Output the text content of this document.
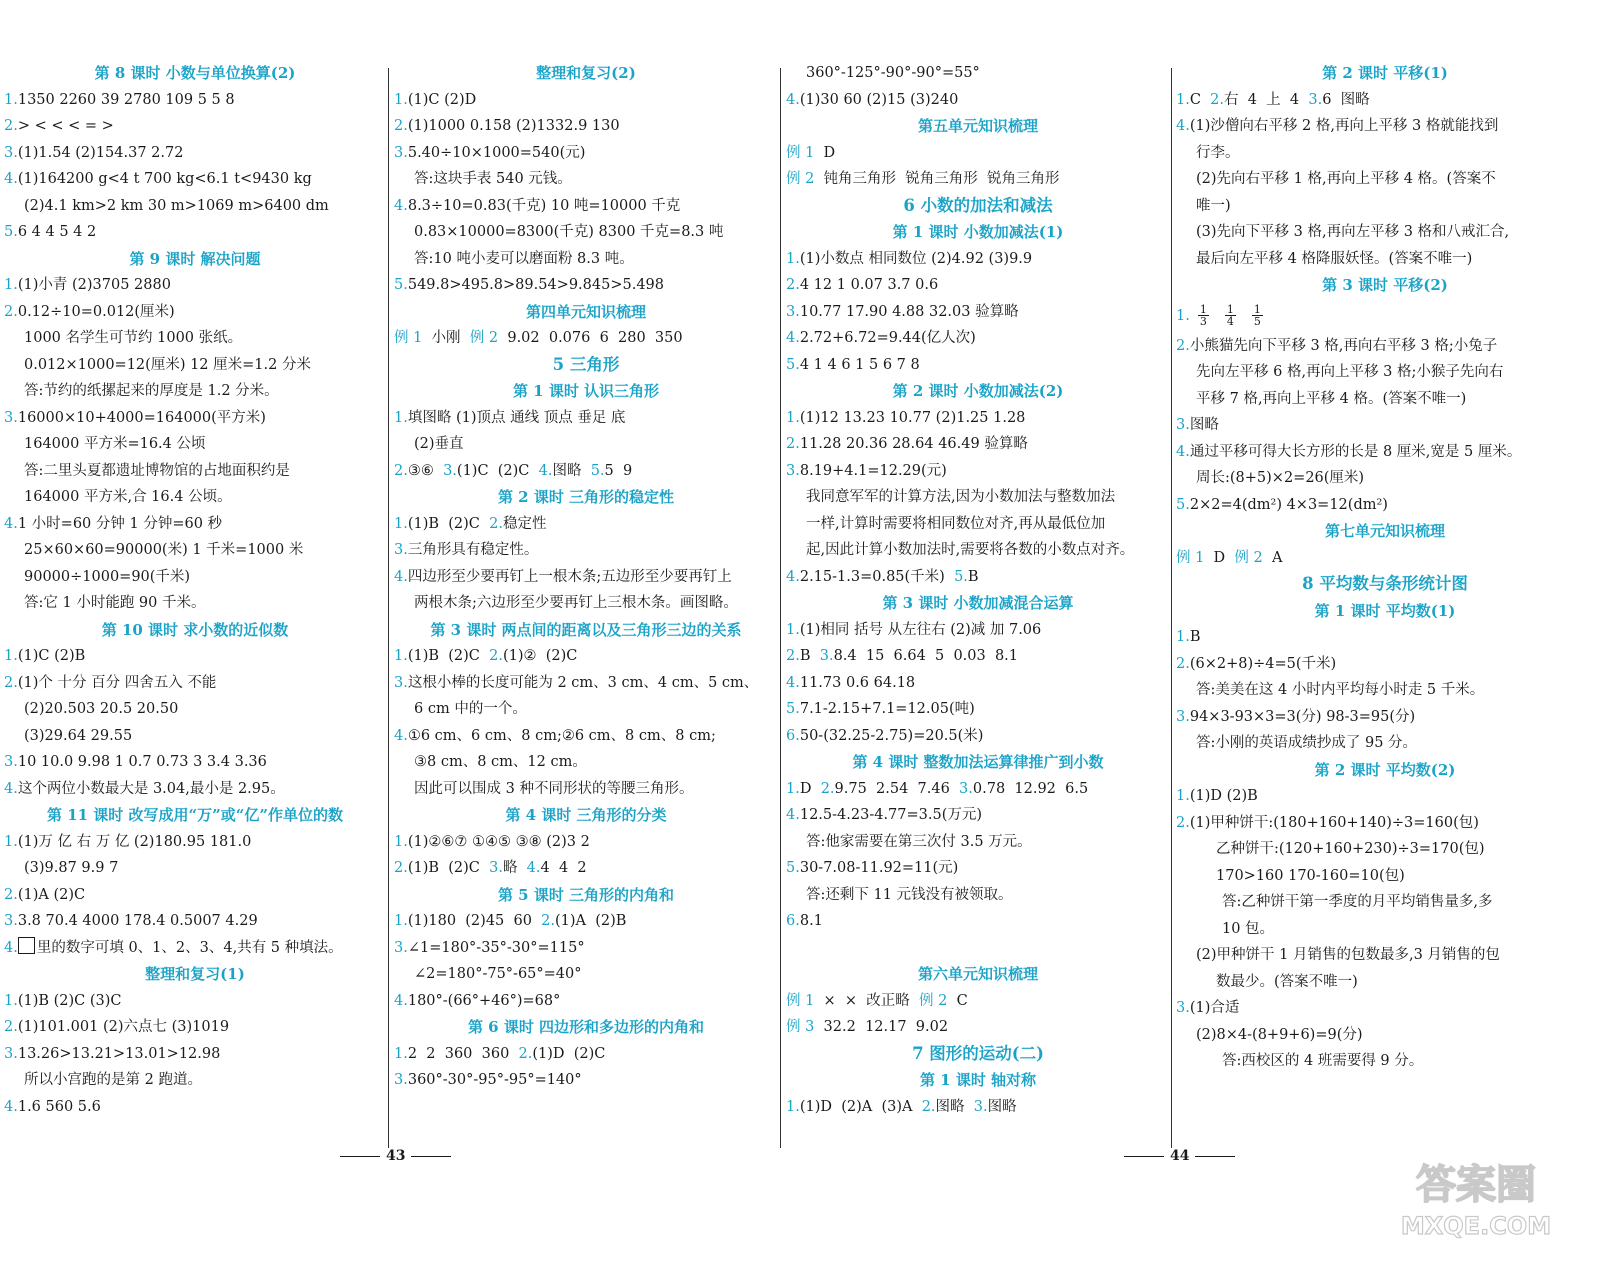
第 8 课时 小数与单位换算(2)
1.1350 2260 39 2780 109 5 5 8
2.> < < < = >
3.(1)1.54 (2)154.37 2.72
4.(1)164200 g<4 t 700 kg<6.1 t<9430 kg
(2)4.1 km>2 km 30 m>1069 m>6400 dm
5.6 4 4 5 4 2
第 9 课时 解决问题
1.(1)小青 (2)3705 2880
2.0.12÷10=0.012(厘米)
1000 名学生可节约 1000 张纸。
0.012×1000=12(厘米) 12 厘米=1.2 分米
答:节约的纸摞起来的厚度是 1.2 分米。
3.16000×10+4000=164000(平方米)
164000 平方米=16.4 公顷
答:二里头夏都遗址博物馆的占地面积约是
164000 平方米,合 16.4 公顷。
4.1 小时=60 分钟 1 分钟=60 秒
25×60×60=90000(米) 1 千米=1000 米
90000÷1000=90(千米)
答:它 1 小时能跑 90 千米。
第 10 课时 求小数的近似数
1.(1)C (2)B
2.(1)个 十分 百分 四舍五入 不能
(2)20.503 20.5 20.50
(3)29.64 29.55
3.10 10.0 9.98 1 0.7 0.73 3 3.4 3.36
4.这个两位小数最大是 3.04,最小是 2.95。
第 11 课时 改写成用“万”或“亿”作单位的数
1.(1)万 亿 右 万 亿 (2)180.95 181.0
(3)9.87 9.9 7
2.(1)A (2)C
3.3.8 70.4 4000 178.4 0.5007 4.29
4. 里的数字可填 0、1、2、3、4,共有 5 种填法。
整理和复习(1)
1.(1)B (2)C (3)C
2.(1)101.001 (2)六点七 (3)1019
3.13.26>13.21>13.01>12.98
所以小宫跑的是第 2 跑道。
4.1.6 560 5.6
整理和复习(2)
1.(1)C (2)D
2.(1)1000 0.158 (2)1332.9 130
3.5.40÷10×1000=540(元)
答:这块手表 540 元钱。
4.8.3÷10=0.83(千克) 10 吨=10000 千克
0.83×10000=8300(千克) 8300 千克=8.3 吨
答:10 吨小麦可以磨面粉 8.3 吨。
5.549.8>495.8>89.54>9.845>5.498
第四单元知识梳理
例 1  小刚  例 2  9.02  0.076  6  280  350
5 三角形
第 1 课时 认识三角形
1.填图略 (1)顶点 通线 顶点 垂足 底
(2)垂直
2.③⑥  3.(1)C  (2)C  4.图略  5.5  9
第 2 课时 三角形的稳定性
1.(1)B  (2)C  2.稳定性
3.三角形具有稳定性。
4.四边形至少要再钉上一根木条;五边形至少要再钉上
两根木条;六边形至少要再钉上三根木条。画图略。
第 3 课时 两点间的距离以及三角形三边的关系
1.(1)B  (2)C  2.(1)②  (2)C
3.这根小棒的长度可能为 2 cm、3 cm、4 cm、5 cm、
6 cm 中的一个。
4.①6 cm、6 cm、8 cm;②6 cm、8 cm、8 cm;
③8 cm、8 cm、12 cm。
因此可以围成 3 种不同形状的等腰三角形。
第 4 课时 三角形的分类
1.(1)②⑥⑦ ①④⑤ ③⑧ (2)3 2
2.(1)B  (2)C  3.略  4.4  4  2
第 5 课时 三角形的内角和
1.(1)180  (2)45  60  2.(1)A  (2)B
3.∠1=180°-35°-30°=115°
∠2=180°-75°-65°=40°
4.180°-(66°+46°)=68°
第 6 课时 四边形和多边形的内角和
1.2  2  360  360  2.(1)D  (2)C
3.360°-30°-95°-95°=140°
360°-125°-90°-90°=55°
4.(1)30 60 (2)15 (3)240
第五单元知识梳理
例 1  D
例 2  钝角三角形  锐角三角形  锐角三角形
6 小数的加法和减法
第 1 课时 小数加减法(1)
1.(1)小数点 相同数位 (2)4.92 (3)9.9
2.4 12 1 0.07 3.7 0.6
3.10.77 17.90 4.88 32.03 验算略
4.2.72+6.72=9.44(亿人次)
5.4 1 4 6 1 5 6 7 8
第 2 课时 小数加减法(2)
1.(1)12 13.23 10.77 (2)1.25 1.28
2.11.28 20.36 28.64 46.49 验算略
3.8.19+4.1=12.29(元)
我同意军军的计算方法,因为小数加法与整数加法
一样,计算时需要将相同数位对齐,再从最低位加
起,因此计算小数加法时,需要将各数的小数点对齐。
4.2.15-1.3=0.85(千米)  5.B
第 3 课时 小数加减混合运算
1.(1)相同 括号 从左往右 (2)减 加 7.06
2.B  3.8.4  15  6.64  5  0.03  8.1
4.11.73 0.6 64.18
5.7.1-2.15+7.1=12.05(吨)
6.50-(32.25-2.75)=20.5(米)
第 4 课时 整数加法运算律推广到小数
1.D  2.9.75  2.54  7.46  3.0.78  12.92  6.5
4.12.5-4.23-4.77=3.5(万元)
答:他家需要在第三次付 3.5 万元。
5.30-7.08-11.92=11(元)
答:还剩下 11 元钱没有被领取。
6.8.1
第六单元知识梳理
例 1  ×  ×  改正略  例 2  C
例 3  32.2  12.17  9.02
7 图形的运动(二)
第 1 课时 轴对称
1.(1)D  (2)A  (3)A  2.图略  3.图略
第 2 课时 平移(1)
1.C  2.右  4  上  4  3.6  图略
4.(1)沙僧向右平移 2 格,再向上平移 3 格就能找到
行李。
(2)先向右平移 1 格,再向上平移 4 格。(答案不
唯一)
(3)先向下平移 3 格,再向左平移 3 格和八戒汇合,
最后向左平移 4 格降服妖怪。(答案不唯一)
第 3 课时 平移(2)
1. $\frac{1}{3} \frac{1}{4} \frac{1}{5}$
2.小熊猫先向下平移 3 格,再向右平移 3 格;小兔子
先向左平移 6 格,再向上平移 3 格;小猴子先向右
平移 7 格,再向上平移 4 格。(答案不唯一)
3.图略
4.通过平移可得大长方形的长是 8 厘米,宽是 5 厘米。
周长:(8+5)×2=26(厘米)
5.2×2=4(dm²) 4×3=12(dm²)
第七单元知识梳理
例 1  D  例 2  A
8 平均数与条形统计图
第 1 课时 平均数(1)
1.B
2.(6×2+8)÷4=5(千米)
答:美美在这 4 小时内平均每小时走 5 千米。
3.94×3-93×3=3(分) 98-3=95(分)
答:小刚的英语成绩抄成了 95 分。
第 2 课时 平均数(2)
1.(1)D (2)B
2.(1)甲种饼干:(180+160+140)÷3=160(包)
乙种饼干:(120+160+230)÷3=170(包)
170>160 170-160=10(包)
答:乙种饼干第一季度的月平均销售量多,多
10 包。
(2)甲种饼干 1 月销售的包数最多,3 月销售的包
数最少。(答案不唯一)
3.(1)合适
(2)8×4-(8+9+6)=9(分)
答:西校区的 4 班需要得 9 分。
43	44
答案圈
MXQE.COM
